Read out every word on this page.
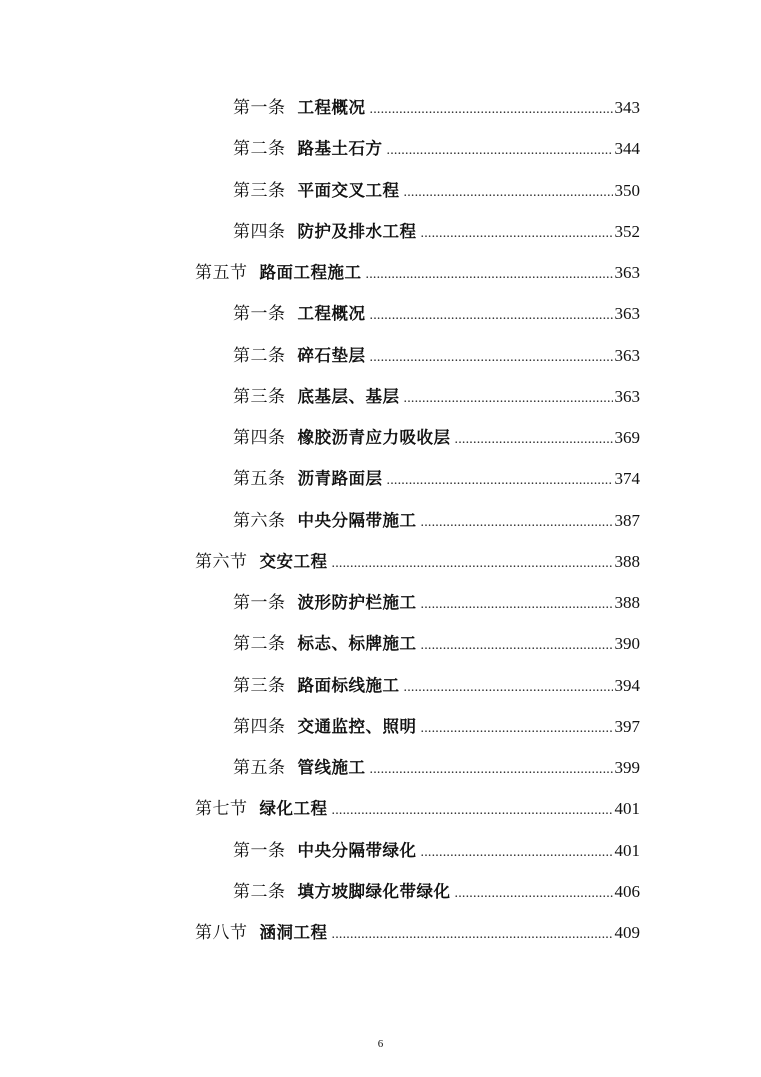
第一条 工程概况 .....	343
第二条 路基土石方 .....	344
第三条 平面交叉工程 .....	350
第四条 防护及排水工程 .....	352
第五节 路面工程施工 .....	363
第一条 工程概况 .....	363
第二条 碎石垫层 .....	363
第三条 底基层、基层 .....	363
第四条 橡胶沥青应力吸收层 .....	369
第五条 沥青路面层 .....	374
第六条 中央分隔带施工 .....	387
第六节 交安工程 .....	388
第一条 波形防护栏施工 .....	388
第二条 标志、标牌施工 .....	390
第三条 路面标线施工 .....	394
第四条 交通监控、照明 .....	397
第五条 管线施工 .....	399
第七节 绿化工程 .....	401
第一条 中央分隔带绿化 .....	401
第二条 填方坡脚绿化带绿化 .....	406
第八节 涵洞工程 .....	409
6
